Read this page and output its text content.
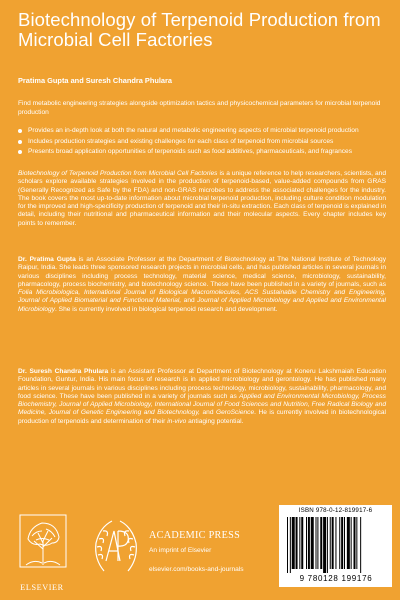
Biotechnology of Terpenoid Production from Microbial Cell Factories
Pratima Gupta and Suresh Chandra Phulara
Find metabolic engineering strategies alongside optimization tactics and physicochemical parameters for microbial terpenoid production
Provides an in-depth look at both the natural and metabolic engineering aspects of microbial terpenoid production
Includes production strategies and existing challenges for each class of terpenoid from microbial sources
Presents broad application opportunities of terpenoids such as food additives, pharmaceuticals, and fragrances
Biotechnology of Terpenoid Production from Microbial Cell Factories is a unique reference to help researchers, scientists, and scholars explore available strategies involved in the production of terpenoid-based, value-added compounds from GRAS (Generally Recognized as Safe by the FDA) and non-GRAS microbes to address the associated challenges for the industry. The book covers the most up-to-date information about microbial terpenoid production, including culture condition modulation for the improved and high-specificity production of terpenoid and their in-situ extraction. Each class of terpenoid is explained in detail, including their nutritional and pharmaceutical information and their molecular aspects. Every chapter includes key points to remember.
Dr. Pratima Gupta is an Associate Professor at the Department of Biotechnology at The National Institute of Technology Raipur, India. She leads three sponsored research projects in microbial cells, and has published articles in several journals in various disciplines including process technology, material science, medical science, microbiology, sustainability, pharmacology, process biochemistry, and biotechnology science. These have been published in a variety of journals, such as Folia Microbiologica, International Journal of Biological Macromolecules, ACS Sustainable Chemistry and Engineering, Journal of Applied Biomaterial and Functional Material, and Journal of Applied Microbiology and Applied and Environmental Microbiology. She is currently involved in biological terpenoid research and development.
Dr. Suresh Chandra Phulara is an Assistant Professor at Department of Biotechnology at Koneru Lakshmaiah Education Foundation, Guntur, India. His main focus of research is in applied microbiology and gerontology. He has published many articles in several journals in various disciplines including process technology, microbiology, sustainability, pharmacology, and food science. These have been published in a variety of journals such as Applied and Environmental Microbiology, Process Biochemistry, Journal of Applied Microbiology, International Journal of Food Sciences and Nutrition, Free Radical Biology and Medicine, Journal of Genetic Engineering and Biotechnology, and GeroScience. He is currently involved in biotechnological production of terpenoids and determination of their in-vivo antiaging potential.
ELSEVIER
ACADEMIC PRESS
An imprint of Elsevier
elsevier.com/books-and-journals
ISBN 978-0-12-819917-6
9 780128 199176
